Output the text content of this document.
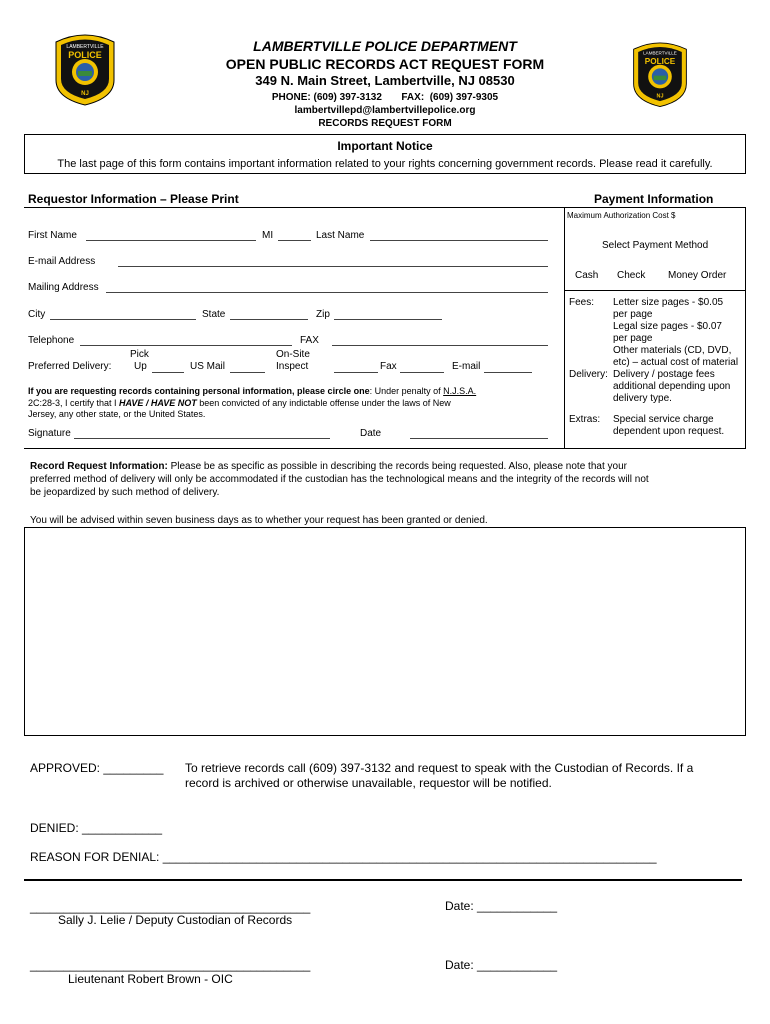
LAMBERTVILLE
POLICE
NJ
LAMBERTVILLE
POLICE
NJ
LAMBERTVILLE POLICE DEPARTMENT
OPEN PUBLIC RECORDS ACT REQUEST FORM
349 N. Main Street, Lambertville, NJ 08530
PHONE: (609) 397-3132       FAX:  (609) 397-9305
lambertvillepd@lambertvillepolice.org
RECORDS REQUEST FORM
Important Notice
The last page of this form contains important information related to your rights concerning government records. Please read it carefully.
Requestor Information – Please Print
First Name	MI	Last Name
E-mail Address
Mailing Address
City	State	Zip
Telephone	FAX
Preferred Delivery:
Pick
Up	US Mail
On-Site
Inspect	Fax	E-mail
If you are requesting records containing personal information, please circle one: Under penalty of N.J.S.A.
2C:28-3, I certify that I HAVE / HAVE NOT been convicted of any indictable offense under the laws of New
Jersey, any other state, or the United States.
Signature	Date
Payment Information
Maximum Authorization Cost $
Select Payment Method
Cash Check Money Order
Fees: Letter size pages - $0.05
per page
Legal size pages - $0.07
per page
Other materials (CD, DVD,
etc) – actual cost of material
Delivery: Delivery / postage fees
additional depending upon
delivery type.
Extras: Special service charge
dependent upon request.
Record Request Information: Please be as specific as possible in describing the records being requested. Also, please note that your
preferred method of delivery will only be accommodated if the custodian has the technological means and the integrity of the records will not
be jeopardized by such method of delivery.
You will be advised within seven business days as to whether your request has been granted or denied.
APPROVED: _________ To retrieve records call (609) 397-3132 and request to speak with the Custodian of Records. If a
record is archived or otherwise unavailable, requestor will be notified.
DENIED: ____________
REASON FOR DENIAL: __________________________________________________________________________
__________________________________________
Sally J. Lelie / Deputy Custodian of Records
Date: ____________
__________________________________________
Lieutenant Robert Brown - OIC
Date: ____________
